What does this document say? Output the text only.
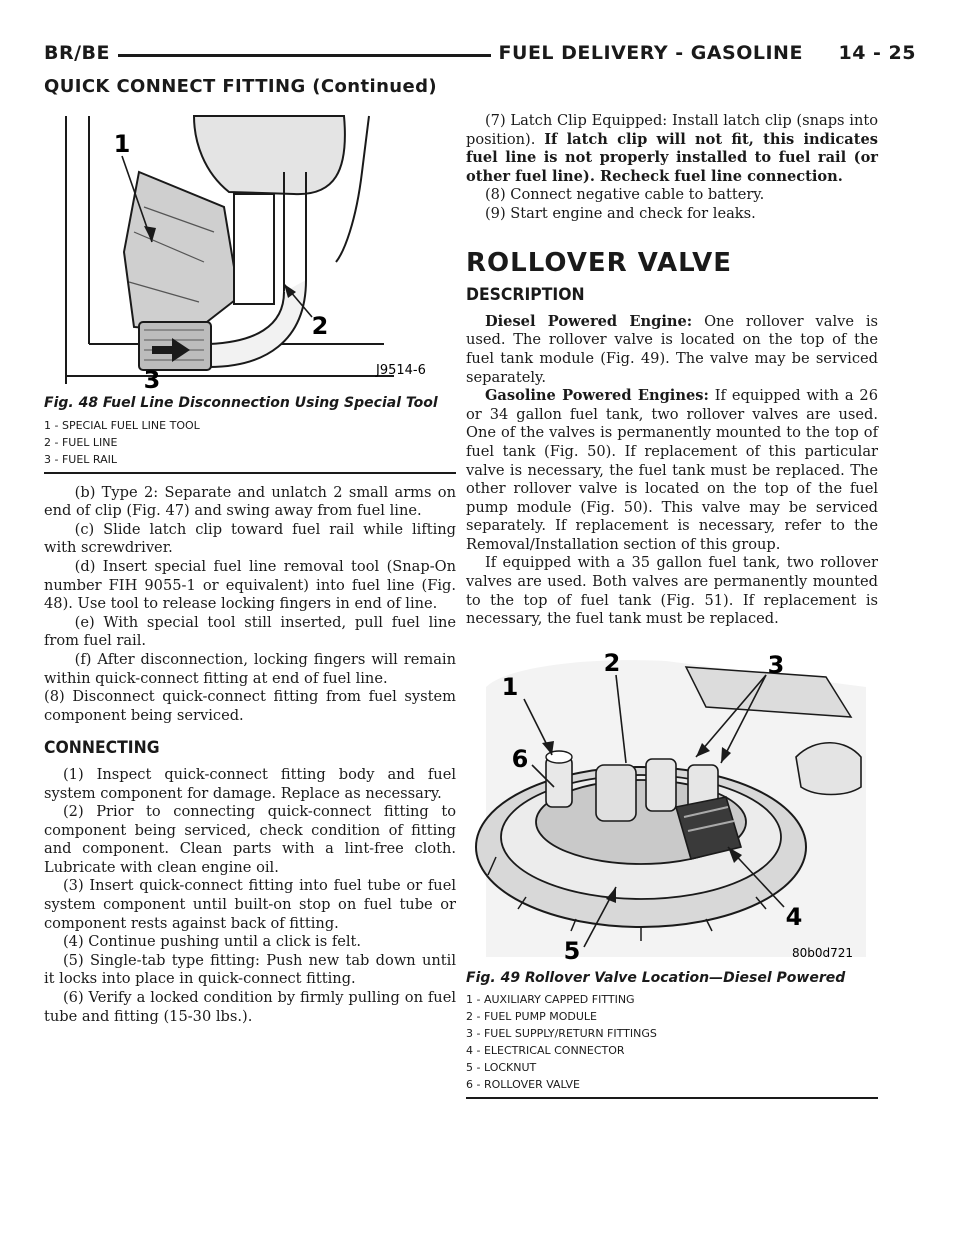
BR/BE	FUEL DELIVERY - GASOLINE     14 - 25
QUICK CONNECT FITTING (Continued)
1
2
3	J9514-6
Fig. 48 Fuel Line Disconnection Using Special Tool
1 - SPECIAL FUEL LINE TOOL
2 - FUEL LINE
3 - FUEL RAIL

(b) Type 2: Separate and unlatch 2 small arms on end of clip (Fig. 47) and swing away from fuel line.

(c) Slide latch clip toward fuel rail while lifting with screwdriver.

(d) Insert special fuel line removal tool (Snap-On number FIH 9055-1 or equivalent) into fuel line (Fig. 48). Use tool to release locking fingers in end of line.

(e) With special tool still inserted, pull fuel line from fuel rail.

(f) After disconnection, locking fingers will remain within quick-connect fitting at end of fuel line.

(8) Disconnect quick-connect fitting from fuel system component being serviced.

CONNECTING

(1) Inspect quick-connect fitting body and fuel system component for damage. Replace as necessary.

(2) Prior to connecting quick-connect fitting to component being serviced, check condition of fitting and component. Clean parts with a lint-free cloth. Lubricate with clean engine oil.

(3) Insert quick-connect fitting into fuel tube or fuel system component until built-on stop on fuel tube or component rests against back of fitting.

(4) Continue pushing until a click is felt.

(5) Single-tab type fitting: Push new tab down until it locks into place in quick-connect fitting.

(6) Verify a locked condition by firmly pulling on fuel tube and fitting (15-30 lbs.).

(7) Latch Clip Equipped: Install latch clip (snaps into position). If latch clip will not fit, this indicates fuel line is not properly installed to fuel rail (or other fuel line). Recheck fuel line connection.

(8) Connect negative cable to battery.

(9) Start engine and check for leaks.

ROLLOVER VALVE
DESCRIPTION

Diesel Powered Engine: One rollover valve is used. The rollover valve is located on the top of the fuel tank module (Fig. 49). The valve may be serviced separately.

Gasoline Powered Engines: If equipped with a 26 or 34 gallon fuel tank, two rollover valves are used. One of the valves is permanently mounted to the top of fuel tank (Fig. 50). If replacement of this particular valve is necessary, the fuel tank must be replaced. The other rollover valve is located on the top of the fuel pump module (Fig. 50). This valve may be serviced separately. If replacement is necessary, refer to the Removal/Installation section of this group.

If equipped with a 35 gallon fuel tank, two rollover valves are used. Both valves are permanently mounted to the top of fuel tank (Fig. 51). If replacement is necessary, the fuel tank must be replaced.

1
2	3
4
5
6
80b0d721
Fig. 49 Rollover Valve Location—Diesel Powered
1 - AUXILIARY CAPPED FITTING
2 - FUEL PUMP MODULE
3 - FUEL SUPPLY/RETURN FITTINGS
4 - ELECTRICAL CONNECTOR
5 - LOCKNUT
6 - ROLLOVER VALVE
